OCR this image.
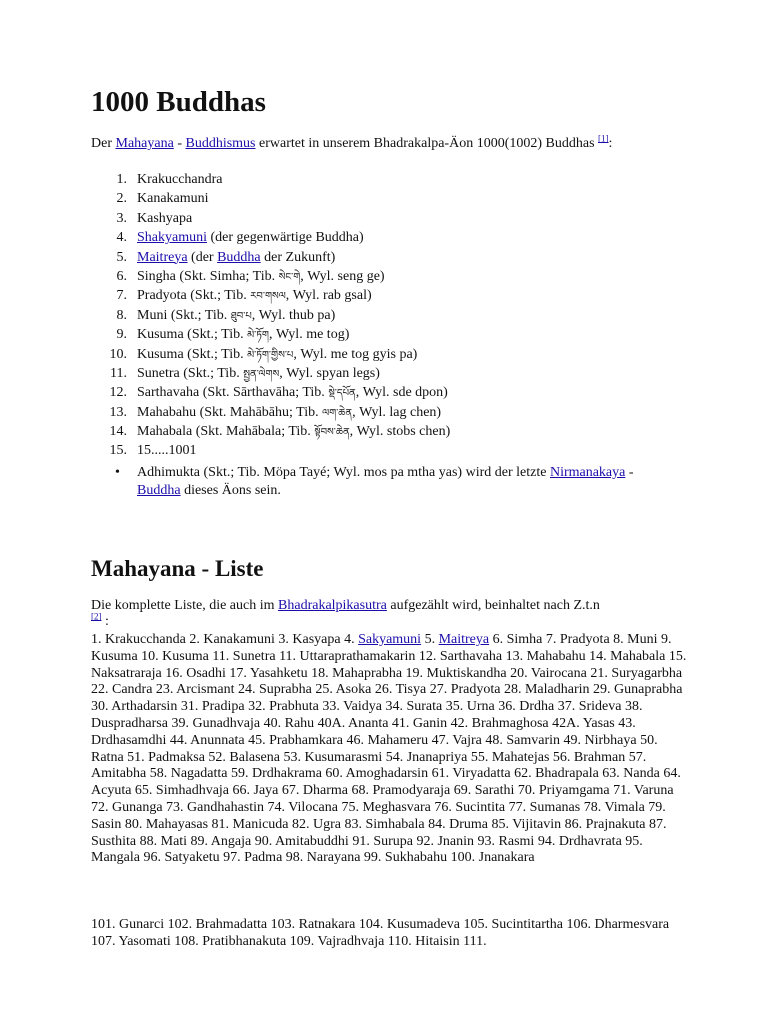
1000 Buddhas
Der Mahayana - Buddhismus erwartet in unserem Bhadrakalpa-Äon 1000(1002) Buddhas [1]:
1. Krakucchandra
2. Kanakamuni
3. Kashyapa
4. Shakyamuni (der gegenwärtige Buddha)
5. Maitreya (der Buddha der Zukunft)
6. Singha (Skt. Simha; Tib. སེང་གེ, Wyl. seng ge)
7. Pradyota (Skt.; Tib. རབ་གསལ, Wyl. rab gsal)
8. Muni (Skt.; Tib. ཐུབ་པ, Wyl. thub pa)
9. Kusuma (Skt.; Tib. མེ་ཏོག, Wyl. me tog)
10. Kusuma (Skt.; Tib. མེ་ཏོག་གྱིས་པ, Wyl. me tog gyis pa)
11. Sunetra (Skt.; Tib. སྤྱན་ལེགས, Wyl. spyan legs)
12. Sarthavaha (Skt. Sārthavāha; Tib. སྡེ་དཔོན, Wyl. sde dpon)
13. Mahabahu (Skt. Mahābāhu; Tib. ལག་ཆེན, Wyl. lag chen)
14. Mahabala (Skt. Mahābala; Tib. སྟོབས་ཆེན, Wyl. stobs chen)
15. 15.....1001
• Adhimukta (Skt.; Tib. Möpa Tayé; Wyl. mos pa mtha yas) wird der letzte Nirmanakaya - Buddha dieses Äons sein.
Mahayana - Liste
Die komplette Liste, die auch im Bhadrakalpikasutra aufgezählt wird, beinhaltet nach Z.t.n
[2] :
1. Krakucchanda 2. Kanakamuni 3. Kasyapa 4. Sakyamuni 5. Maitreya 6. Simha 7. Pradyota 8. Muni 9. Kusuma 10. Kusuma 11. Sunetra 11. Uttaraprathamakarin 12. Sarthavaha 13. Mahabahu 14. Mahabala 15. Naksatraraja 16. Osadhi 17. Yasahketu 18. Mahaprabha 19. Muktiskandha 20. Vairocana 21. Suryagarbha 22. Candra 23. Arcismant 24. Suprabha 25. Asoka 26. Tisya 27. Pradyota 28. Maladharin 29. Gunaprabha 30. Arthadarsin 31. Pradipa 32. Prabhuta 33. Vaidya 34. Surata 35. Urna 36. Drdha 37. Srideva 38. Duspradharsa 39. Gunadhvaja 40. Rahu 40A. Ananta 41. Ganin 42. Brahmaghosa 42A. Yasas 43. Drdhasamdhi 44. Anunnata 45. Prabhamkara 46. Mahameru 47. Vajra 48. Samvarin 49. Nirbhaya 50. Ratna 51. Padmaksa 52. Balasena 53. Kusumarasmi 54. Jnanapriya 55. Mahatejas 56. Brahman 57. Amitabha 58. Nagadatta 59. Drdhakrama 60. Amoghadarsin 61. Viryadatta 62. Bhadrapala 63. Nanda 64. Acyuta 65. Simhadhvaja 66. Jaya 67. Dharma 68. Pramodyaraja 69. Sarathi 70. Priyamgama 71. Varuna 72. Gunanga 73. Gandhahastin 74. Vilocana 75. Meghasvara 76. Sucintita 77. Sumanas 78. Vimala 79. Sasin 80. Mahayasas 81. Manicuda 82. Ugra 83. Simhabala 84. Druma 85. Vijitavin 86. Prajnakuta 87. Susthita 88. Mati 89. Angaja 90. Amitabuddhi 91. Surupa 92. Jnanin 93. Rasmi 94. Drdhavrata 95. Mangala 96. Satyaketu 97. Padma 98. Narayana 99. Sukhabahu 100. Jnanakara
101. Gunarci 102. Brahmadatta 103. Ratnakara 104. Kusumadeva 105. Sucintitartha 106. Dharmesvara 107. Yasomati 108. Pratibhanakuta 109. Vajradhvaja 110. Hitaisin 111.
